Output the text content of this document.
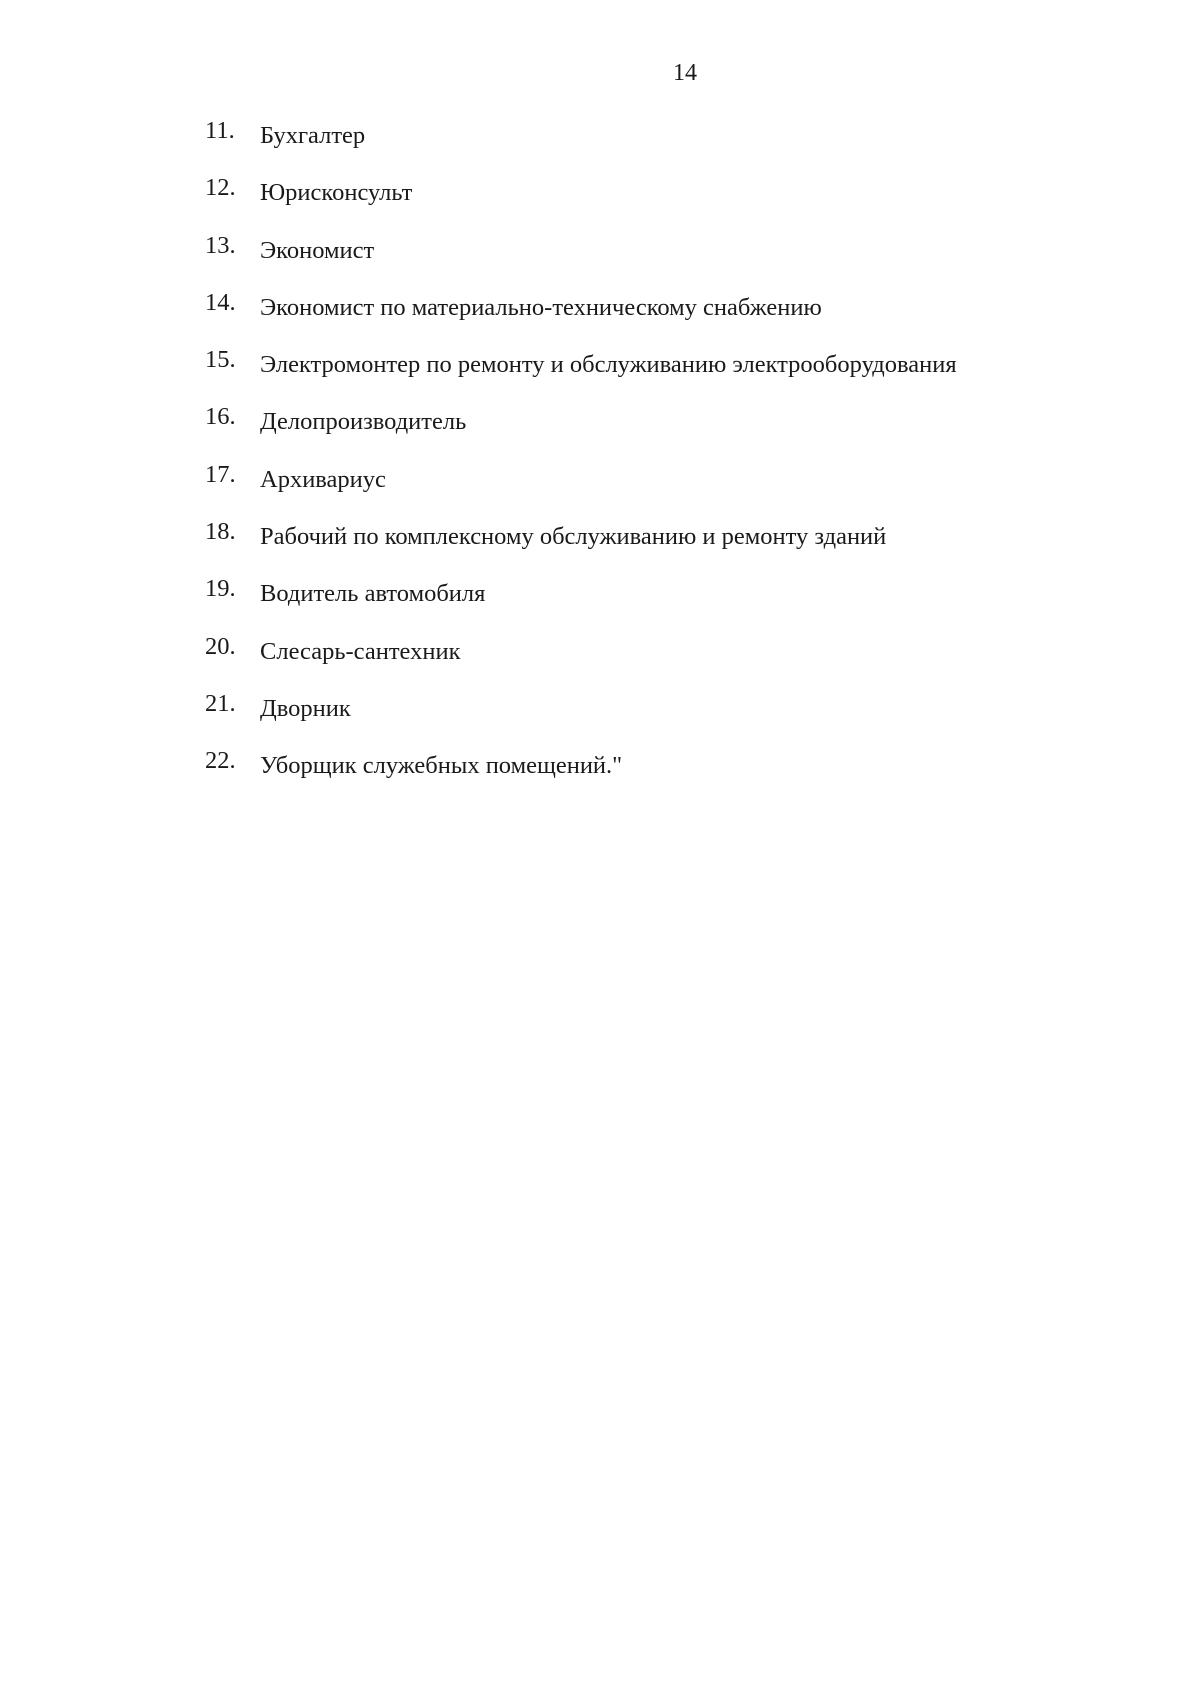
14
11.	Бухгалтер
12. Юрисконсульт
13. Экономист
14. Экономист по материально-техническому снабжению
15. Электромонтер по ремонту и обслуживанию электрооборудования
16. Делопроизводитель
17. Архивариус
18. Рабочий по комплексному обслуживанию и ремонту зданий
19. Водитель автомобиля
20. Слесарь-сантехник
21. Дворник
22. Уборщик служебных помещений."
